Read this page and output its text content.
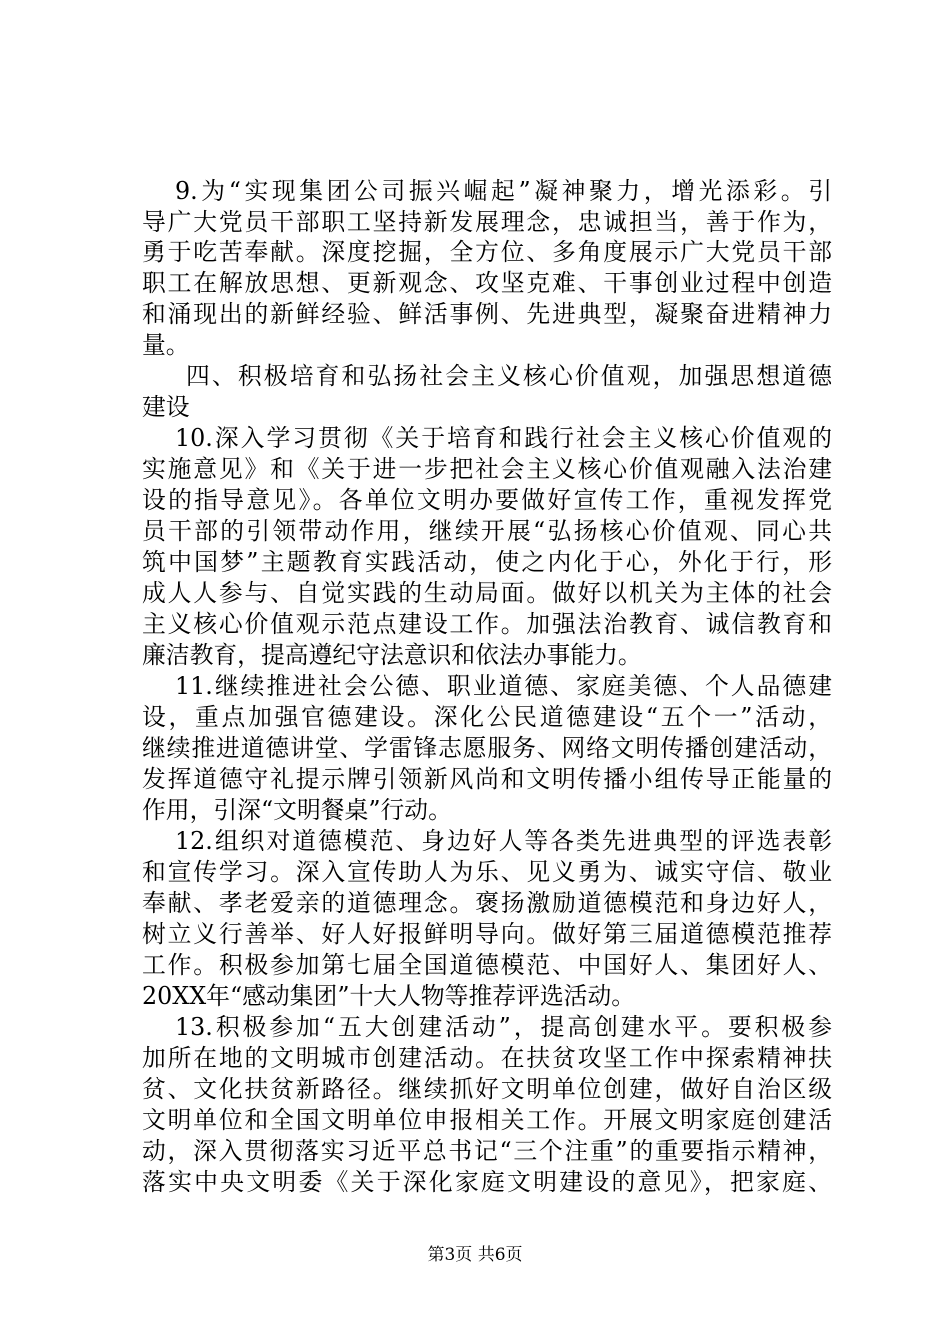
9.为“实现集团公司振兴崛起”凝神聚力，增光添彩。引
导广大党员干部职工坚持新发展理念，忠诚担当，善于作为，
勇于吃苦奉献。深度挖掘，全方位、多角度展示广大党员干部
职工在解放思想、更新观念、攻坚克难、干事创业过程中创造
和涌现出的新鲜经验、鲜活事例、先进典型，凝聚奋进精神力
量。
四、积极培育和弘扬社会主义核心价值观，加强思想道德
建设
10.深入学习贯彻《关于培育和践行社会主义核心价值观的
实施意见》和《关于进一步把社会主义核心价值观融入法治建
设的指导意见》。各单位文明办要做好宣传工作，重视发挥党
员干部的引领带动作用，继续开展“弘扬核心价值观、同心共
筑中国梦”主题教育实践活动，使之内化于心，外化于行，形
成人人参与、自觉实践的生动局面。做好以机关为主体的社会
主义核心价值观示范点建设工作。加强法治教育、诚信教育和
廉洁教育，提高遵纪守法意识和依法办事能力。
11.继续推进社会公德、职业道德、家庭美德、个人品德建
设，重点加强官德建设。深化公民道德建设“五个一”活动，
继续推进道德讲堂、学雷锋志愿服务、网络文明传播创建活动，
发挥道德守礼提示牌引领新风尚和文明传播小组传导正能量的
作用，引深“文明餐桌”行动。
12.组织对道德模范、身边好人等各类先进典型的评选表彰
和宣传学习。深入宣传助人为乐、见义勇为、诚实守信、敬业
奉献、孝老爱亲的道德理念。褒扬激励道德模范和身边好人，
树立义行善举、好人好报鲜明导向。做好第三届道德模范推荐
工作。积极参加第七届全国道德模范、中国好人、集团好人、
20XX年“感动集团”十大人物等推荐评选活动。
13.积极参加“五大创建活动”，提高创建水平。要积极参
加所在地的文明城市创建活动。在扶贫攻坚工作中探索精神扶
贫、文化扶贫新路径。继续抓好文明单位创建，做好自治区级
文明单位和全国文明单位申报相关工作。开展文明家庭创建活
动，深入贯彻落实习近平总书记“三个注重”的重要指示精神，
落实中央文明委《关于深化家庭文明建设的意见》，把家庭、
第3页 共6页
